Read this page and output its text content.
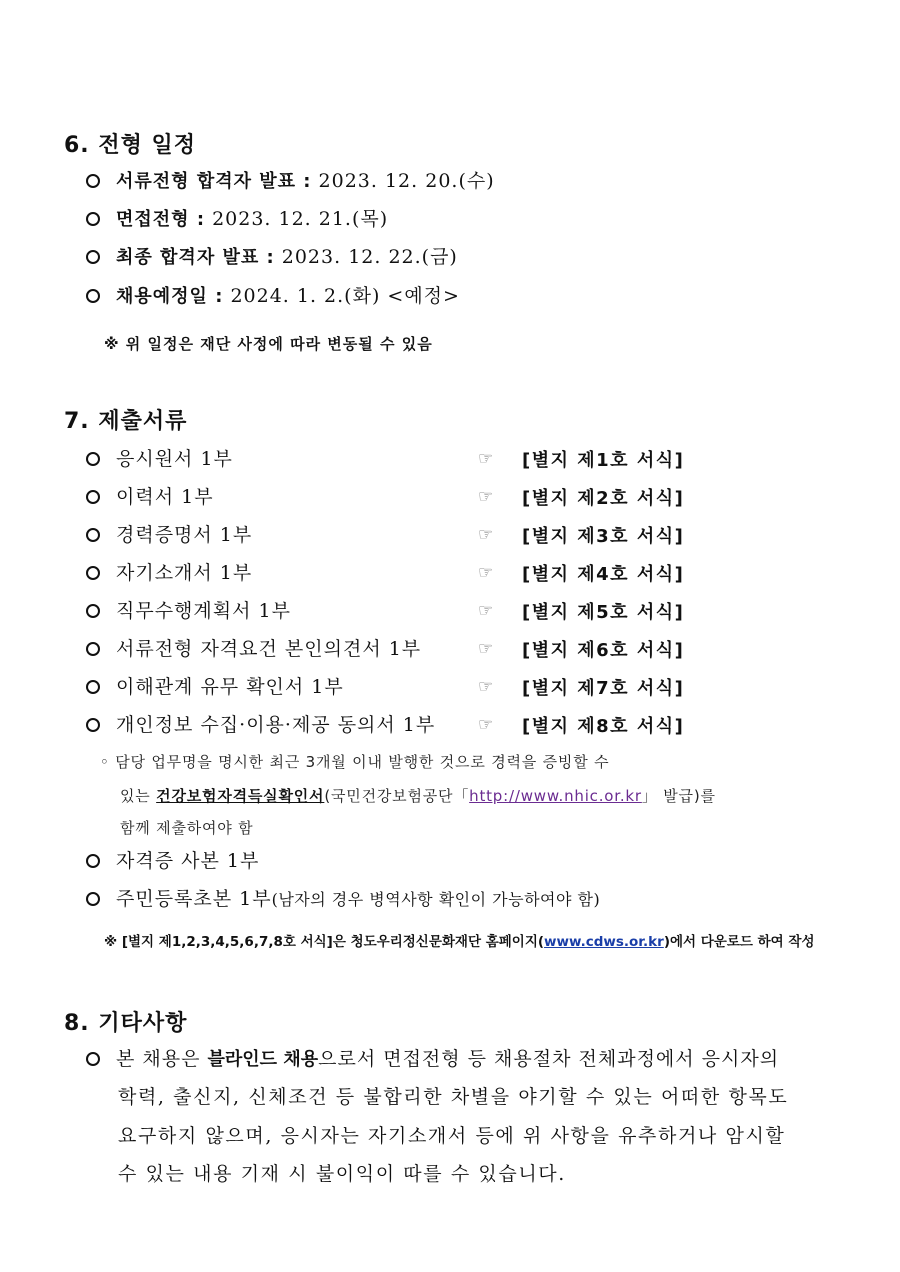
6. 전형 일정
서류전형 합격자 발표 : 2023. 12. 20.(수)
면접전형 : 2023. 12. 21.(목)
최종 합격자 발표 : 2023. 12. 22.(금)
채용예정일 : 2024. 1. 2.(화) <예정>
※ 위 일정은 재단 사정에 따라 변동될 수 있음
7. 제출서류
응시원서 1부	☞ [별지 제1호 서식]
이력서 1부	☞ [별지 제2호 서식]
경력증명서 1부	☞ [별지 제3호 서식]
자기소개서 1부	☞ [별지 제4호 서식]
직무수행계획서 1부	☞ [별지 제5호 서식]
서류전형 자격요건 본인의견서 1부	☞ [별지 제6호 서식]
이해관계 유무 확인서 1부	☞ [별지 제7호 서식]
개인정보 수집·이용·제공 동의서 1부	☞ [별지 제8호 서식]
◦ 담당 업무명을 명시한 최근 3개월 이내 발행한 것으로 경력을 증빙할 수
있는 건강보험자격득실확인서(국민건강보험공단「http://www.nhic.or.kr」 발급)를
함께 제출하여야 함
자격증 사본 1부
주민등록초본 1부(남자의 경우 병역사항 확인이 가능하여야 함)
※ [별지 제1,2,3,4,5,6,7,8호 서식]은 청도우리정신문화재단 홈페이지(www.cdws.or.kr)에서 다운로드 하여 작성
8. 기타사항
본 채용은 블라인드 채용으로서 면접전형 등 채용절차 전체과정에서 응시자의
학력, 출신지, 신체조건 등 불합리한 차별을 야기할 수 있는 어떠한 항목도
요구하지 않으며, 응시자는 자기소개서 등에 위 사항을 유추하거나 암시할
수 있는 내용 기재 시 불이익이 따를 수 있습니다.
